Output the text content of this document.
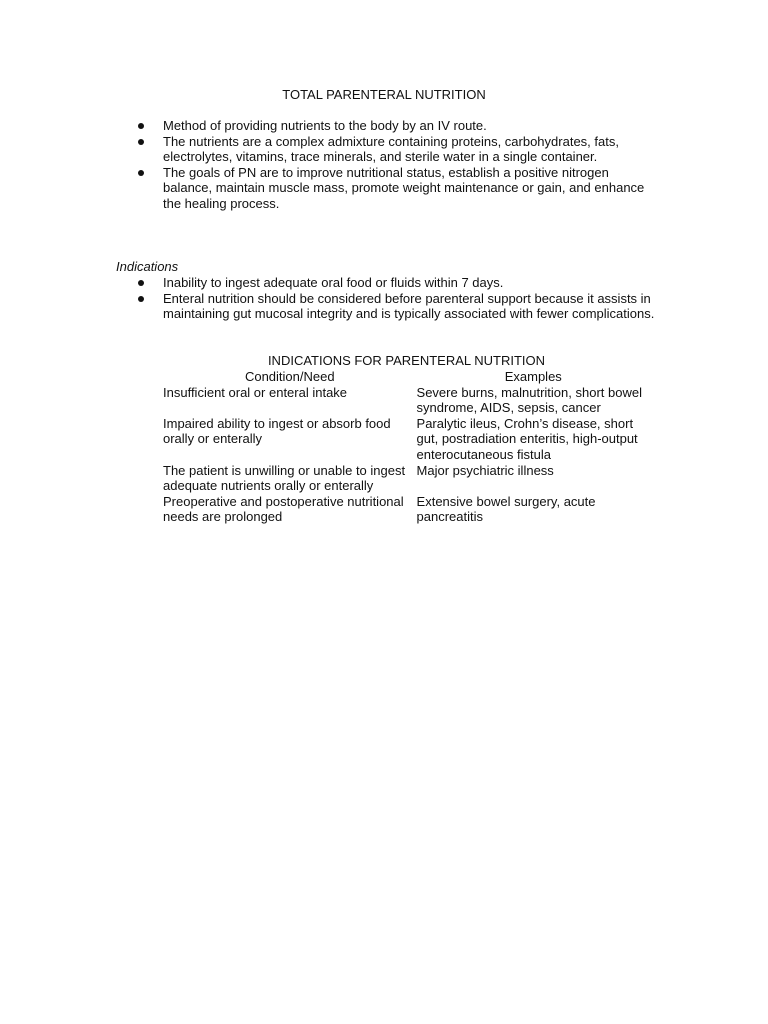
TOTAL PARENTERAL NUTRITION
Method of providing nutrients to the body by an IV route.
The nutrients are a complex admixture containing proteins, carbohydrates, fats, electrolytes, vitamins, trace minerals, and sterile water in a single container.
The goals of PN are to improve nutritional status, establish a positive nitrogen balance, maintain muscle mass, promote weight maintenance or gain, and enhance the healing process.
Indications
Inability to ingest adequate oral food or fluids within 7 days.
Enteral nutrition should be considered before parenteral support because it assists in maintaining gut mucosal integrity and is typically associated with fewer complications.
INDICATIONS FOR PARENTERAL NUTRITION
Condition/Need	Examples
Insufficient oral or enteral intake	Severe burns, malnutrition, short bowel syndrome, AIDS, sepsis, cancer
Impaired ability to ingest or absorb food orally or enterally	Paralytic ileus, Crohn’s disease, short gut, postradiation enteritis, high-output enterocutaneous fistula
The patient is unwilling or unable to ingest adequate nutrients orally or enterally	Major psychiatric illness
Preoperative and postoperative nutritional needs are prolonged	Extensive bowel surgery, acute pancreatitis
